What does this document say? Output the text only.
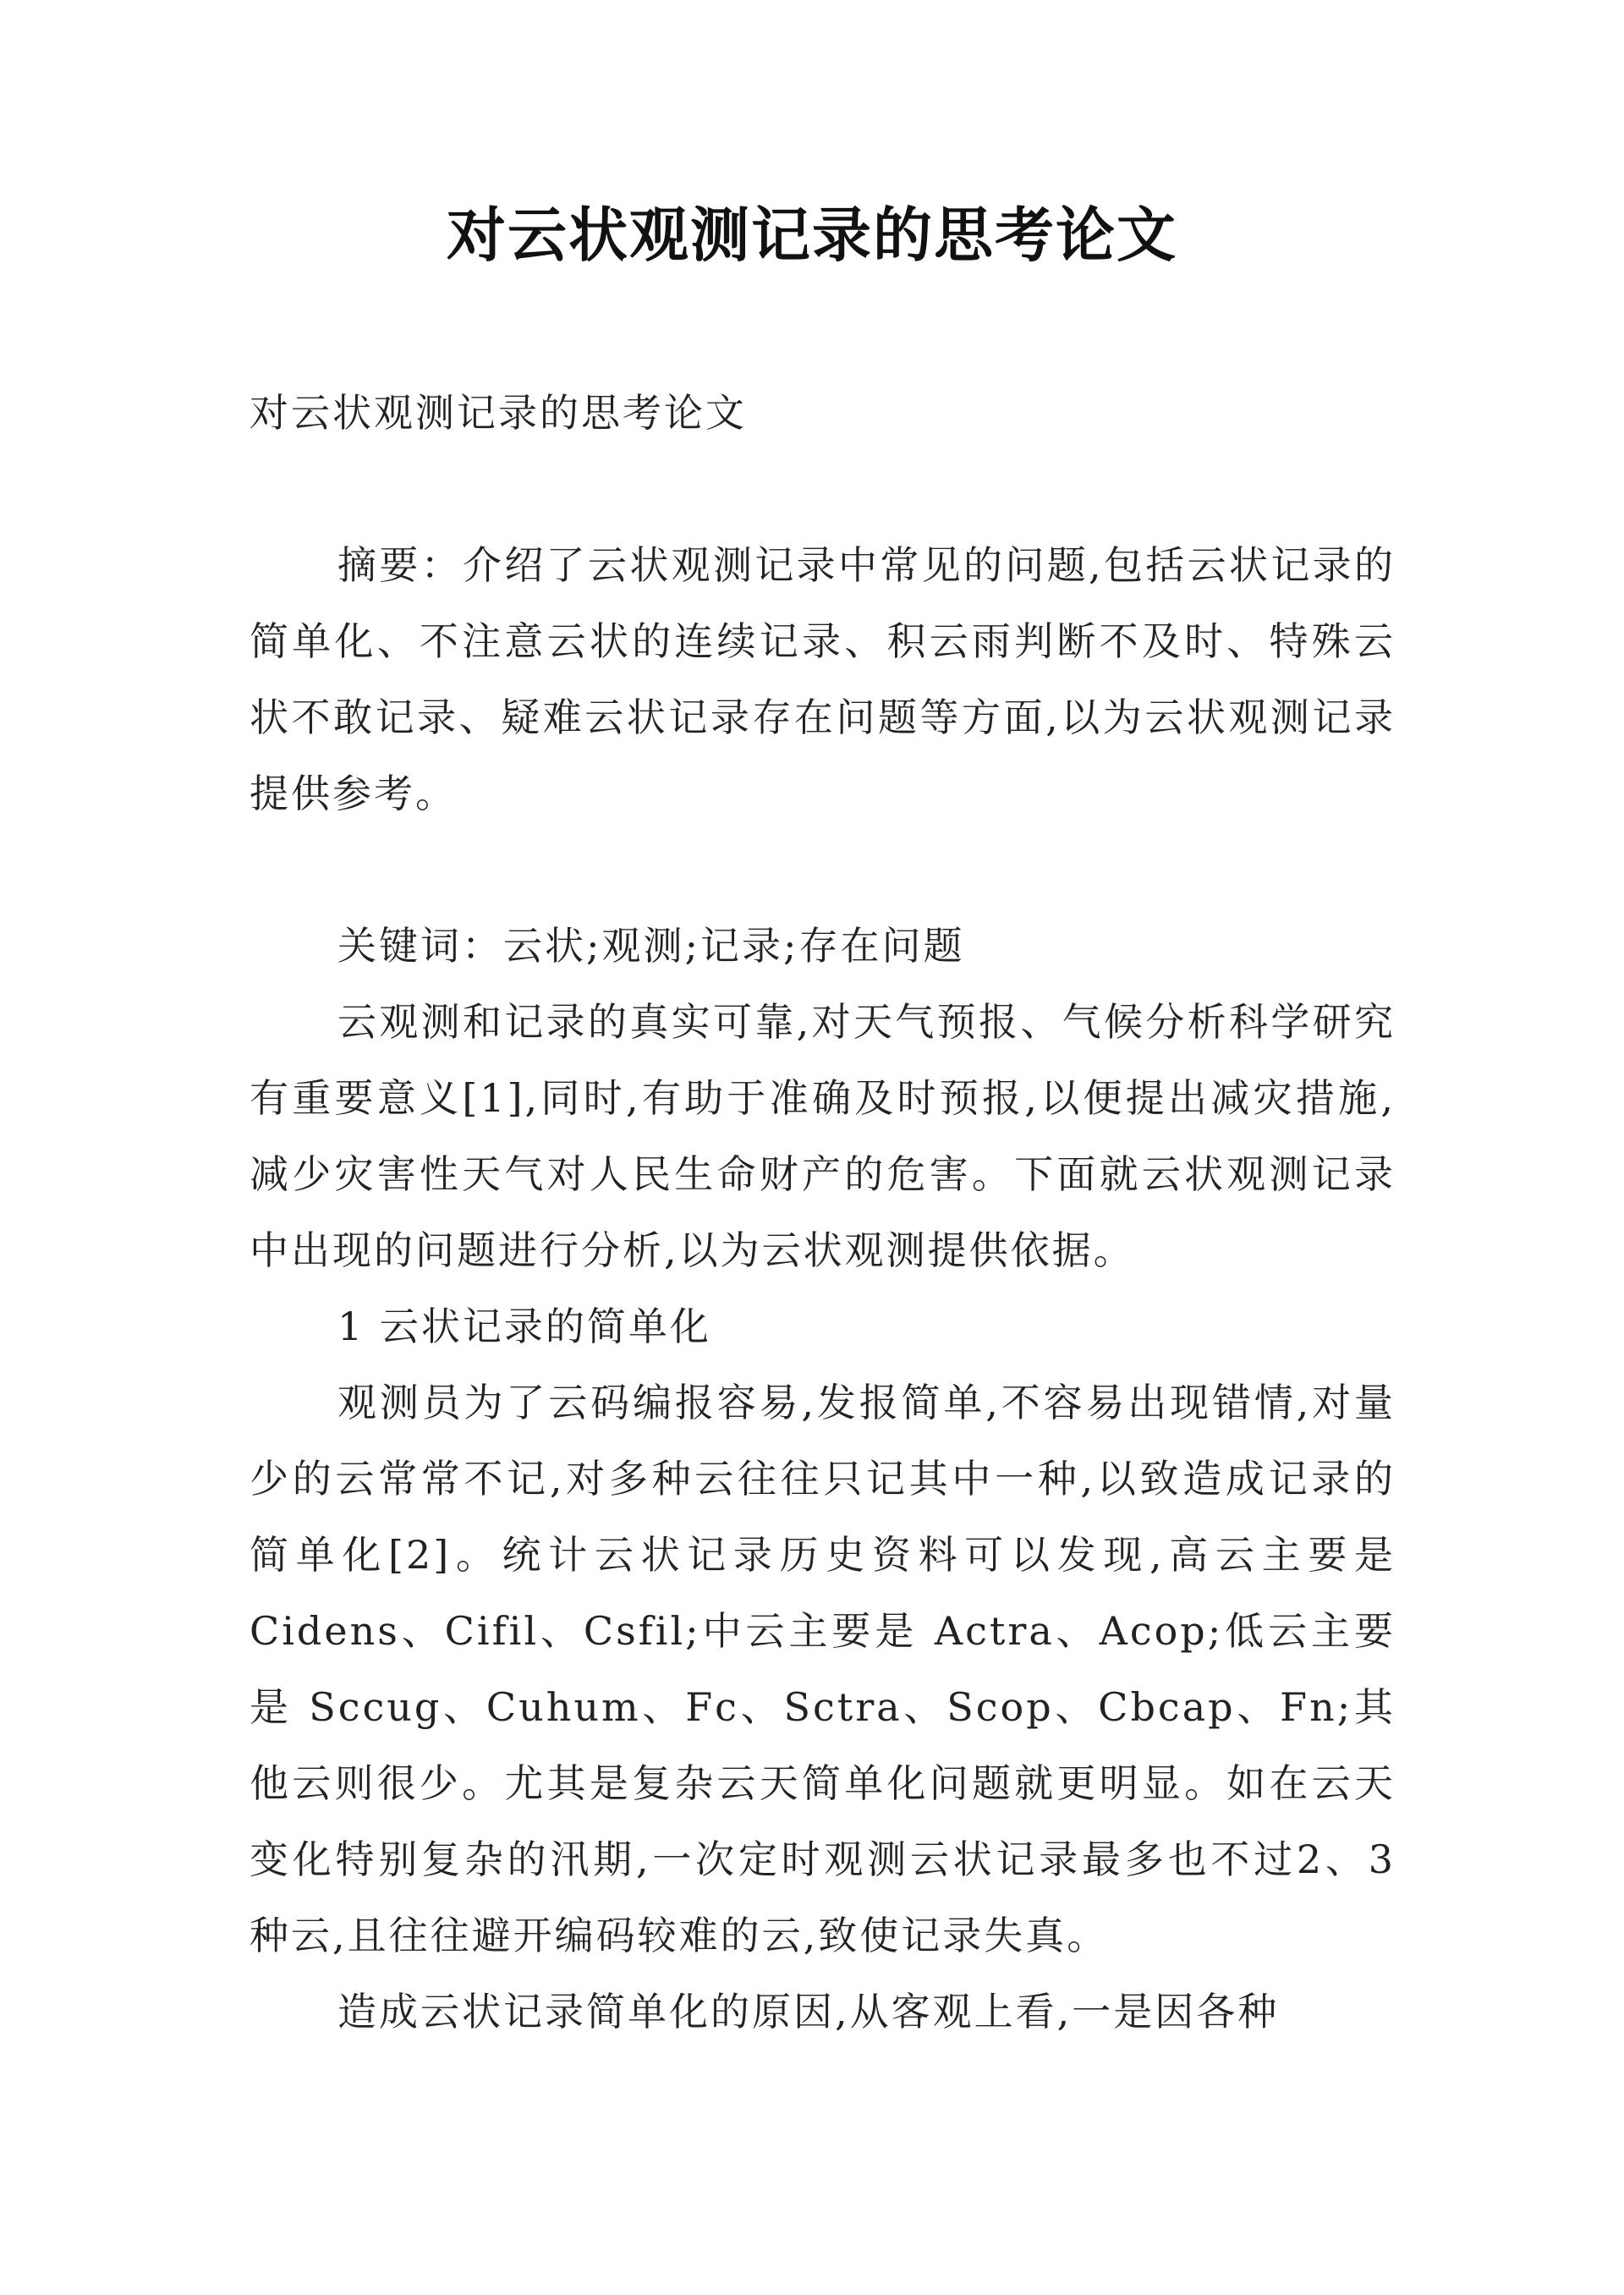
对云状观测记录的思考论文

对云状观测记录的思考论文

摘要：介绍了云状观测记录中常见的问题,包括云状记录的简单化、不注意云状的连续记录、积云雨判断不及时、特殊云状不敢记录、疑难云状记录存在问题等方面,以为云状观测记录提供参考。

关键词：云状;观测;记录;存在问题

云观测和记录的真实可靠,对天气预报、气候分析科学研究有重要意义[1],同时,有助于准确及时预报,以便提出减灾措施,减少灾害性天气对人民生命财产的危害。下面就云状观测记录中出现的问题进行分析,以为云状观测提供依据。

1 云状记录的简单化

观测员为了云码编报容易,发报简单,不容易出现错情,对量少的云常常不记,对多种云往往只记其中一种,以致造成记录的简单化[2]。统计云状记录历史资料可以发现,高云主要是 Cidens、Cifil、Csfil;中云主要是 Actra、Acop;低云主要是 Sccug、Cuhum、Fc、Sctra、Scop、Cbcap、Fn;其他云则很少。尤其是复杂云天简单化问题就更明显。如在云天变化特别复杂的汛期,一次定时观测云状记录最多也不过2、3 种云,且往往避开编码较难的云,致使记录失真。

造成云状记录简单化的原因,从客观上看,一是因各种
